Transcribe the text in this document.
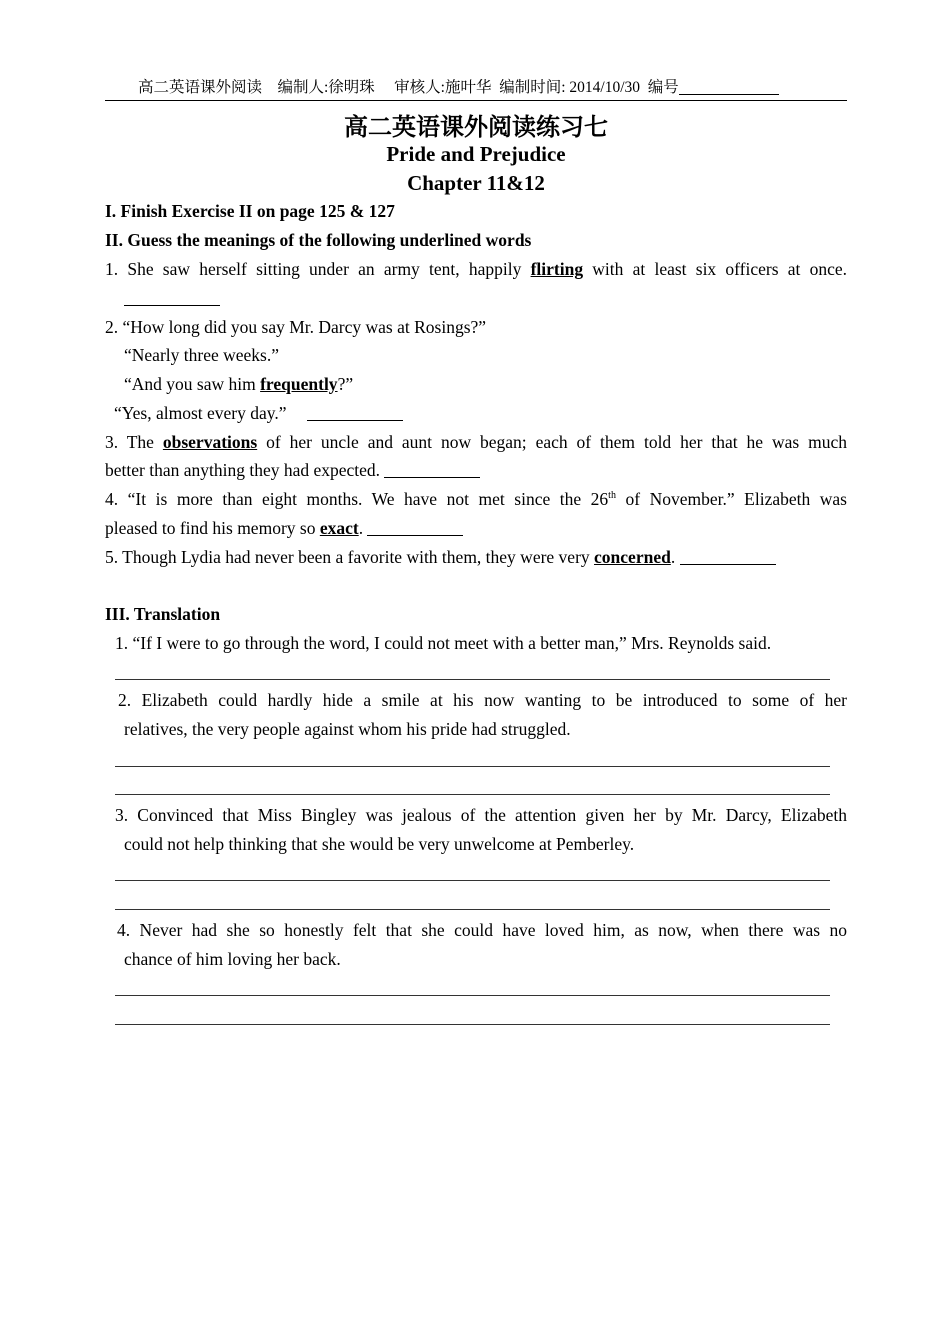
高二英语课外阅读    编制人:徐明珠     审核人:施叶华  编制时间: 2014/10/30  编号
高二英语课外阅读练习七
Pride and Prejudice
Chapter 11&12
I. Finish Exercise II on page 125 & 127
II. Guess the meanings of the following underlined words
1. She saw herself sitting under an army tent, happily flirting with at least six officers at once.
2. “How long did you say Mr. Darcy was at Rosings?”
“Nearly three weeks.”
“And you saw him frequently?”
“Yes, almost every day.”
3. The observations of her uncle and aunt now began; each of them told her that he was much
better than anything they had expected.
4. “It is more than eight months. We have not met since the 26th of November.” Elizabeth was
pleased to find his memory so exact.
5. Though Lydia had never been a favorite with them, they were very concerned.
III. Translation
1. “If I were to go through the word, I could not meet with a better man,” Mrs. Reynolds said.
2. Elizabeth could hardly hide a smile at his now wanting to be introduced to some of her
relatives, the very people against whom his pride had struggled.
3. Convinced that Miss Bingley was jealous of the attention given her by Mr. Darcy, Elizabeth
could not help thinking that she would be very unwelcome at Pemberley.
4. Never had she so honestly felt that she could have loved him, as now, when there was no
chance of him loving her back.
